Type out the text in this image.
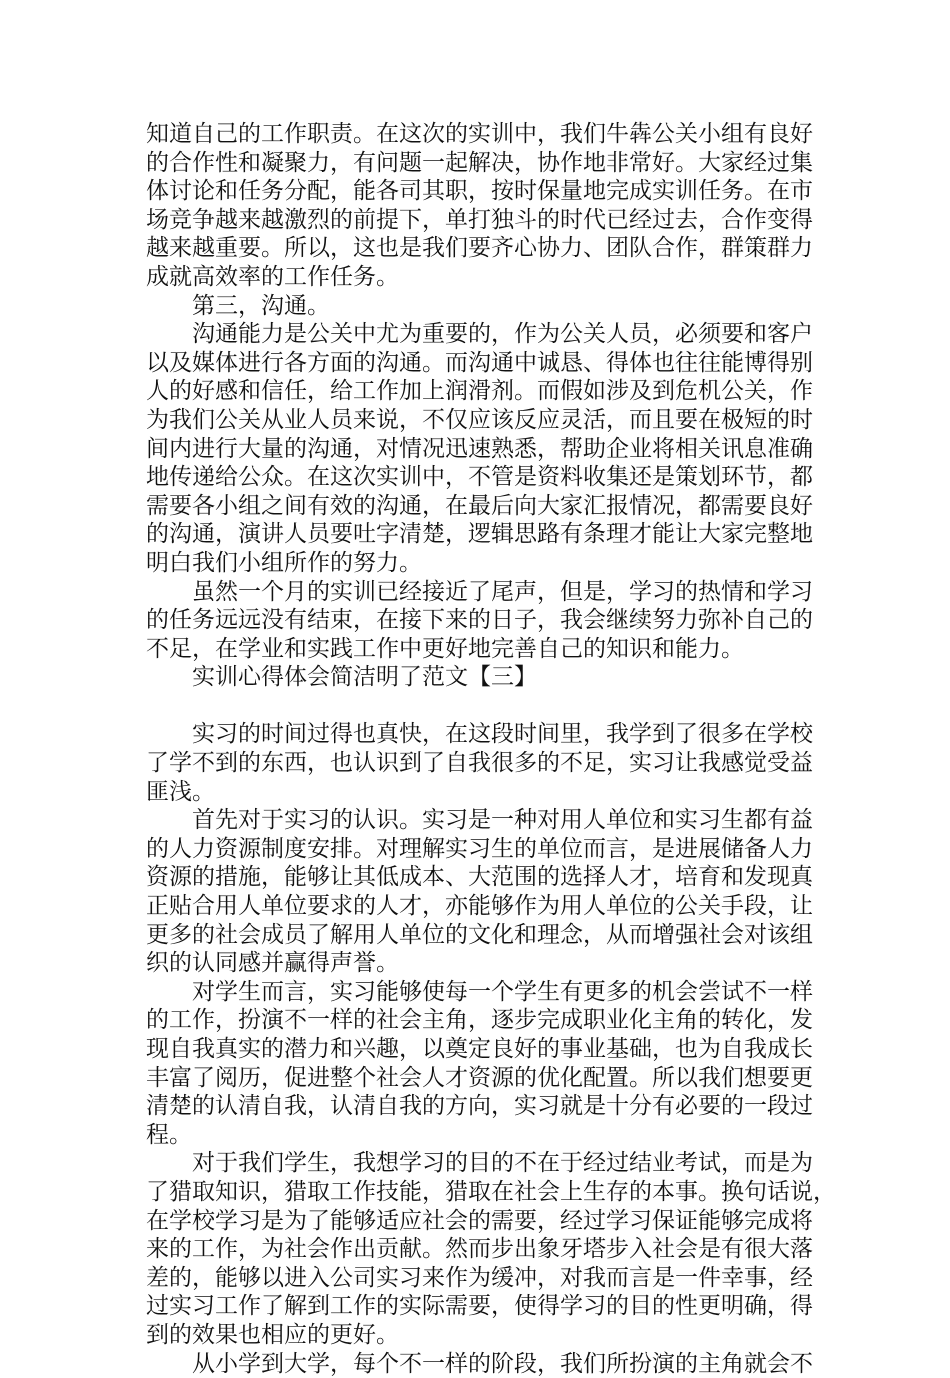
知道自己的工作职责。在这次的实训中，我们牛犇公关小组有良好
的合作性和凝聚力，有问题一起解决，协作地非常好。大家经过集
体讨论和任务分配，能各司其职，按时保量地完成实训任务。在市
场竞争越来越激烈的前提下，单打独斗的时代已经过去，合作变得
越来越重要。所以，这也是我们要齐心协力、团队合作，群策群力
成就高效率的工作任务。
第三，沟通。
沟通能力是公关中尤为重要的，作为公关人员，必须要和客户
以及媒体进行各方面的沟通。而沟通中诚恳、得体也往往能博得别
人的好感和信任，给工作加上润滑剂。而假如涉及到危机公关，作
为我们公关从业人员来说，不仅应该反应灵活，而且要在极短的时
间内进行大量的沟通，对情况迅速熟悉，帮助企业将相关讯息准确
地传递给公众。在这次实训中，不管是资料收集还是策划环节，都
需要各小组之间有效的沟通，在最后向大家汇报情况，都需要良好
的沟通，演讲人员要吐字清楚，逻辑思路有条理才能让大家完整地
明白我们小组所作的努力。
虽然一个月的实训已经接近了尾声，但是，学习的热情和学习
的任务远远没有结束，在接下来的日子，我会继续努力弥补自己的
不足，在学业和实践工作中更好地完善自己的知识和能力。
实训心得体会简洁明了范文【三】
实习的时间过得也真快，在这段时间里，我学到了很多在学校
了学不到的东西，也认识到了自我很多的不足，实习让我感觉受益
匪浅。
首先对于实习的认识。实习是一种对用人单位和实习生都有益
的人力资源制度安排。对理解实习生的单位而言，是进展储备人力
资源的措施，能够让其低成本、大范围的选择人才，培育和发现真
正贴合用人单位要求的人才，亦能够作为用人单位的公关手段，让
更多的社会成员了解用人单位的文化和理念，从而增强社会对该组
织的认同感并赢得声誉。
对学生而言，实习能够使每一个学生有更多的机会尝试不一样
的工作，扮演不一样的社会主角，逐步完成职业化主角的转化，发
现自我真实的潜力和兴趣，以奠定良好的事业基础，也为自我成长
丰富了阅历，促进整个社会人才资源的优化配置。所以我们想要更
清楚的认清自我，认清自我的方向，实习就是十分有必要的一段过
程。
对于我们学生，我想学习的目的不在于经过结业考试，而是为
了猎取知识，猎取工作技能，猎取在社会上生存的本事。换句话说，
在学校学习是为了能够适应社会的需要，经过学习保证能够完成将
来的工作，为社会作出贡献。然而步出象牙塔步入社会是有很大落
差的，能够以进入公司实习来作为缓冲，对我而言是一件幸事，经
过实习工作了解到工作的实际需要，使得学习的目的性更明确，得
到的效果也相应的更好。
从小学到大学，每个不一样的阶段，我们所扮演的主角就会不
